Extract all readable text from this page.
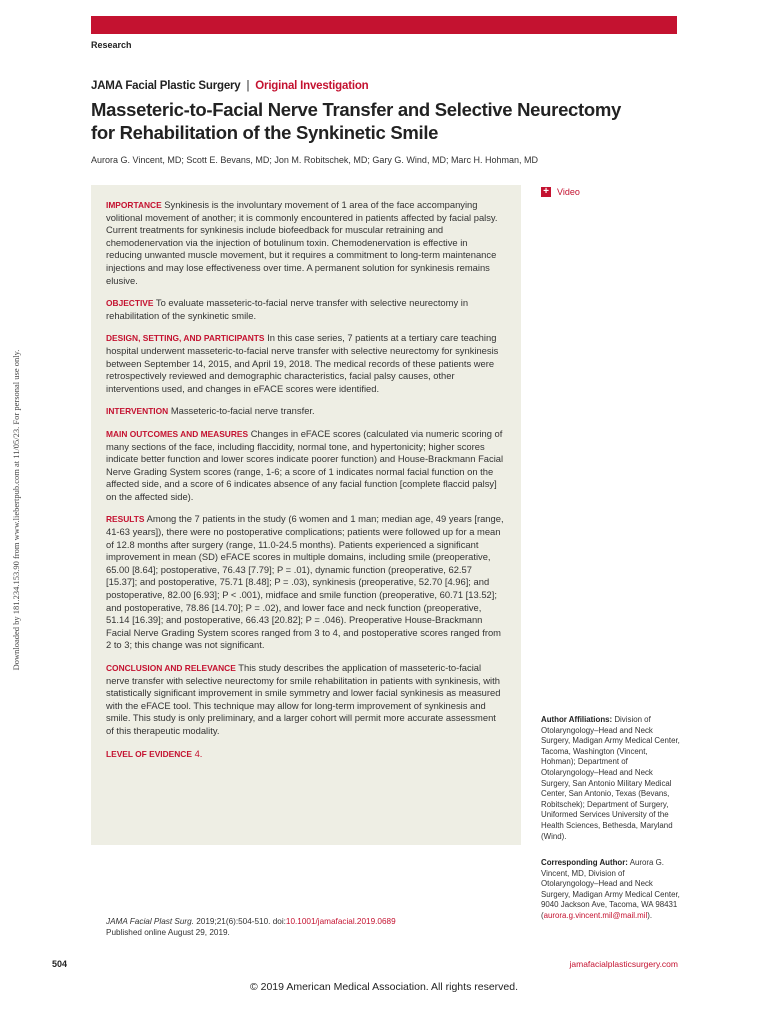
Research
JAMA Facial Plastic Surgery | Original Investigation
Masseteric-to-Facial Nerve Transfer and Selective Neurectomy
for Rehabilitation of the Synkinetic Smile
Aurora G. Vincent, MD; Scott E. Bevans, MD; Jon M. Robitschek, MD; Gary G. Wind, MD; Marc H. Hohman, MD

IMPORTANCE Synkinesis is the involuntary movement of 1 area of the face accompanying volitional movement of another; it is commonly encountered in patients affected by facial palsy. Current treatments for synkinesis include biofeedback for muscular retraining and chemodenervation via the injection of botulinum toxin. Chemodenervation is effective in reducing unwanted muscle movement, but it requires a commitment to long-term maintenance injections and may lose effectiveness over time. A permanent solution for synkinesis remains elusive.

OBJECTIVE To evaluate masseteric-to-facial nerve transfer with selective neurectomy in rehabilitation of the synkinetic smile.

DESIGN, SETTING, AND PARTICIPANTS In this case series, 7 patients at a tertiary care teaching hospital underwent masseteric-to-facial nerve transfer with selective neurectomy for synkinesis between September 14, 2015, and April 19, 2018. The medical records of these patients were retrospectively reviewed and demographic characteristics, facial palsy causes, other interventions used, and changes in eFACE scores were identified.

INTERVENTION Masseteric-to-facial nerve transfer.

MAIN OUTCOMES AND MEASURES Changes in eFACE scores (calculated via numeric scoring of many sections of the face, including flaccidity, normal tone, and hypertonicity; higher scores indicate better function and lower scores indicate poorer function) and House-Brackmann Facial Nerve Grading System scores (range, 1-6; a score of 1 indicates normal facial function on the affected side, and a score of 6 indicates absence of any facial function [complete flaccid palsy] on the affected side).

RESULTS Among the 7 patients in the study (6 women and 1 man; median age, 49 years [range, 41-63 years]), there were no postoperative complications; patients were followed up for a mean of 12.8 months after surgery (range, 11.0-24.5 months). Patients experienced a significant improvement in mean (SD) eFACE scores in multiple domains, including smile (preoperative, 65.00 [8.64]; postoperative, 76.43 [7.79]; P = .01), dynamic function (preoperative, 62.57 [15.37]; and postoperative, 75.71 [8.48]; P = .03), synkinesis (preoperative, 52.70 [4.96]; and postoperative, 82.00 [6.93]; P < .001), midface and smile function (preoperative, 60.71 [13.52]; and postoperative, 78.86 [14.70]; P = .02), and lower face and neck function (preoperative, 51.14 [16.39]; and postoperative, 66.43 [20.82]; P = .046). Preoperative House-Brackmann Facial Nerve Grading System scores ranged from 3 to 4, and postoperative scores ranged from 2 to 3; this change was not significant.

CONCLUSION AND RELEVANCE This study describes the application of masseteric-to-facial nerve transfer with selective neurectomy for smile rehabilitation in patients with synkinesis, with statistically significant improvement in smile symmetry and lower facial synkinesis as measured with the eFACE tool. This technique may allow for long-term improvement of synkinesis and smile. This study is only preliminary, and a larger cohort will permit more accurate assessment of this therapeutic modality.

LEVEL OF EVIDENCE 4.

JAMA Facial Plast Surg. 2019;21(6):504-510. doi:10.1001/jamafacial.2019.0689
Published online August 29, 2019.
+ Video
Author Affiliations: Division of Otolaryngology–Head and Neck Surgery, Madigan Army Medical Center, Tacoma, Washington (Vincent, Hohman); Department of Otolaryngology–Head and Neck Surgery, San Antonio Military Medical Center, San Antonio, Texas (Bevans, Robitschek); Department of Surgery, Uniformed Services University of the Health Sciences, Bethesda, Maryland (Wind).
Corresponding Author: Aurora G. Vincent, MD, Division of Otolaryngology–Head and Neck Surgery, Madigan Army Medical Center, 9040 Jackson Ave, Tacoma, WA 98431 (aurora.g.vincent.mil@mail.mil).
Downloaded by 181.234.153.90 from www.liebertpub.com at 11/05/23. For personal use only.
504	jamafacialplasticsurgery.com
© 2019 American Medical Association. All rights reserved.
